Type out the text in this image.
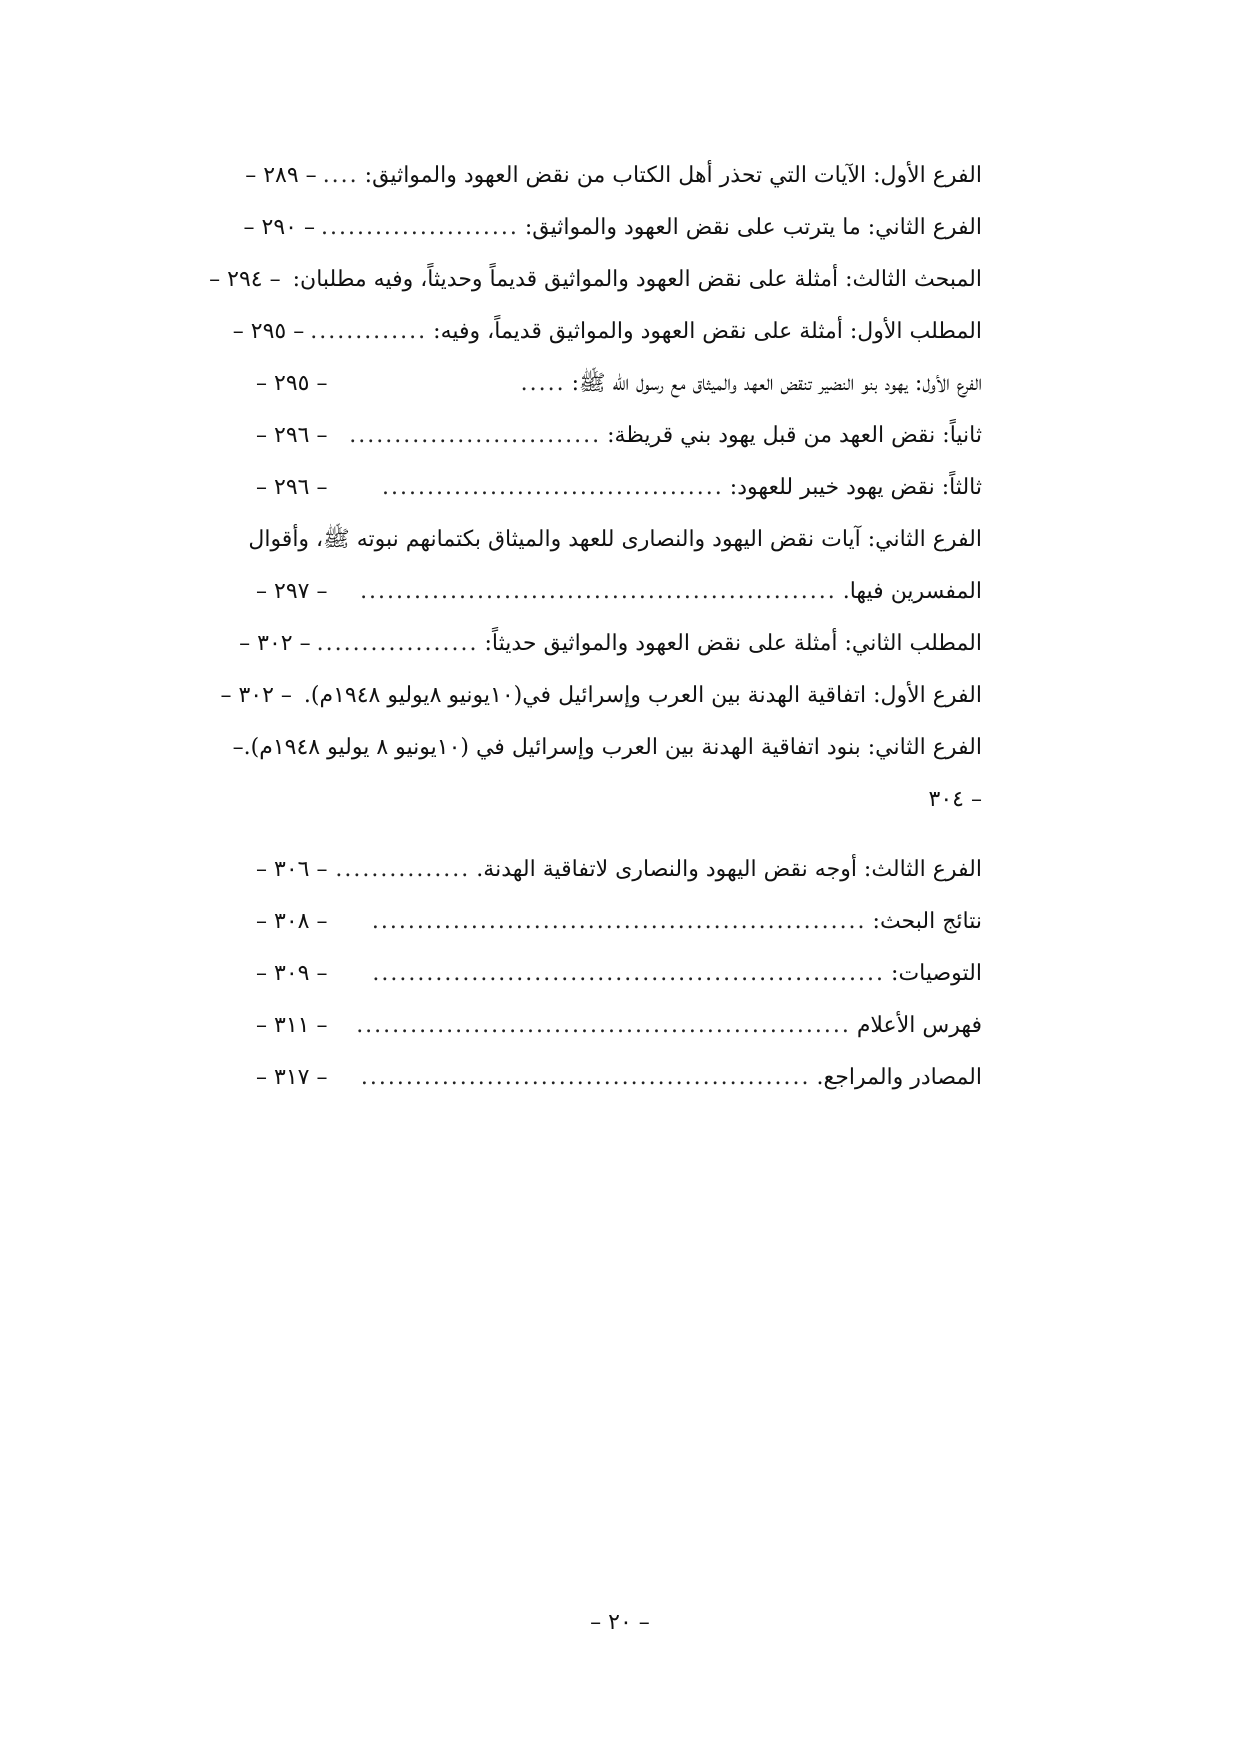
الفرع الأول: الآيات التي تحذر أهل الكتاب من نقض العهود والمواثيق:
....
– ٢٨٩ –
الفرع الثاني: ما يترتب على نقض العهود والمواثيق:
......................
– ٢٩٠ –
المبحث الثالث: أمثلة على نقض العهود والمواثيق قديماً وحديثاً، وفيه مطلبان:
– ٢٩٤ –
المطلب الأول: أمثلة على نقض العهود والمواثيق قديماً، وفيه:
.............
– ٢٩٥ –
الفرع الأول: يهود بنو النضير تنقض العهد والميثاق مع رسول الله ﷺ:
.....
– ٢٩٥ –
ثانياً: نقض العهد من قبل يهود بني قريظة:
............................
– ٢٩٦ –
ثالثاً: نقض يهود خيبر للعهود:
......................................
– ٢٩٦ –
الفرع الثاني: آيات نقض اليهود والنصارى للعهد والميثاق بكتمانهم نبوته ﷺ، وأقوال
المفسرين فيها.
.....................................................
– ٢٩٧ –
المطلب الثاني: أمثلة على نقض العهود والمواثيق حديثاً:
..................
– ٣٠٢ –
الفرع الأول: اتفاقية الهدنة بين العرب وإسرائيل في(١٠يونيو ٨يوليو ١٩٤٨م).
– ٣٠٢ –
الفرع الثاني: بنود اتفاقية الهدنة بين العرب وإسرائيل في (١٠يونيو ٨ يوليو ١٩٤٨م).–
– ٣٠٤
الفرع الثالث: أوجه نقض اليهود والنصارى لاتفاقية الهدنة.
...............
– ٣٠٦ –
نتائج البحث:
.......................................................
– ٣٠٨ –
التوصيات:
.........................................................
– ٣٠٩ –
فهرس الأعلام
.......................................................
– ٣١١ –
المصادر والمراجع.
..................................................
– ٣١٧ –
– ٢٠ –
